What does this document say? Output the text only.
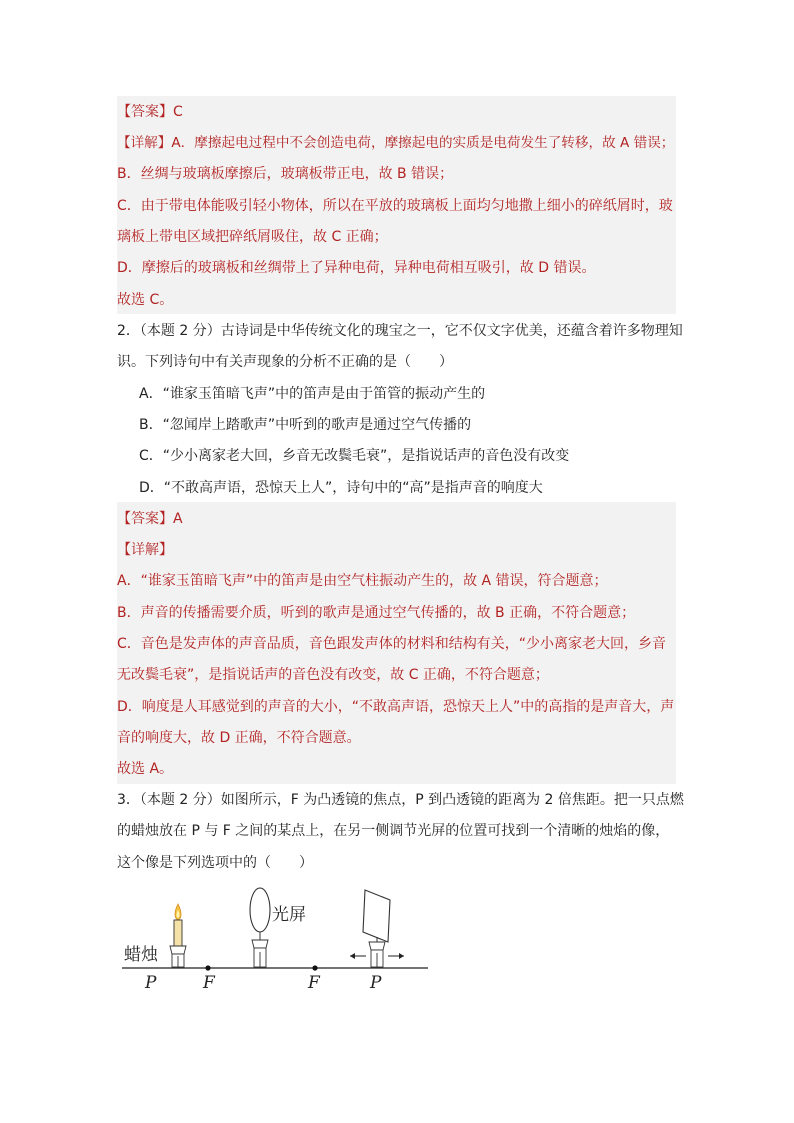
【答案】C
【详解】A．摩擦起电过程中不会创造电荷，摩擦起电的实质是电荷发生了转移，故 A 错误；
B．丝绸与玻璃板摩擦后，玻璃板带正电，故 B 错误；
C．由于带电体能吸引轻小物体，所以在平放的玻璃板上面均匀地撒上细小的碎纸屑时，玻
璃板上带电区域把碎纸屑吸住，故 C 正确；
D．摩擦后的玻璃板和丝绸带上了异种电荷，异种电荷相互吸引，故 D 错误。
故选 C。
2．（本题 2 分）古诗词是中华传统文化的瑰宝之一，它不仅文字优美，还蕴含着许多物理知
识。下列诗句中有关声现象的分析不正确的是（　　）
A．“谁家玉笛暗飞声”中的笛声是由于笛管的振动产生的
B．“忽闻岸上踏歌声”中听到的歌声是通过空气传播的
C．“少小离家老大回，乡音无改鬓毛衰”，是指说话声的音色没有改变
D．“不敢高声语，恐惊天上人”，诗句中的“高”是指声音的响度大
【答案】A
【详解】
A．“谁家玉笛暗飞声”中的笛声是由空气柱振动产生的，故 A 错误，符合题意；
B．声音的传播需要介质，听到的歌声是通过空气传播的，故 B 正确，不符合题意；
C．音色是发声体的声音品质，音色跟发声体的材料和结构有关，“少小离家老大回，乡音
无改鬓毛衰”，是指说话声的音色没有改变，故 C 正确，不符合题意；
D．响度是人耳感觉到的声音的大小，“不敢高声语，恐惊天上人”中的高指的是声音大，声
音的响度大，故 D 正确，不符合题意。
故选 A。
3．（本题 2 分）如图所示，F 为凸透镜的焦点，P 到凸透镜的距离为 2 倍焦距。把一只点燃
的蜡烛放在 P 与 F 之间的某点上，在另一侧调节光屏的位置可找到一个清晰的烛焰的像，
这个像是下列选项中的（　　）
蜡烛
光屏
P	F	F	P
